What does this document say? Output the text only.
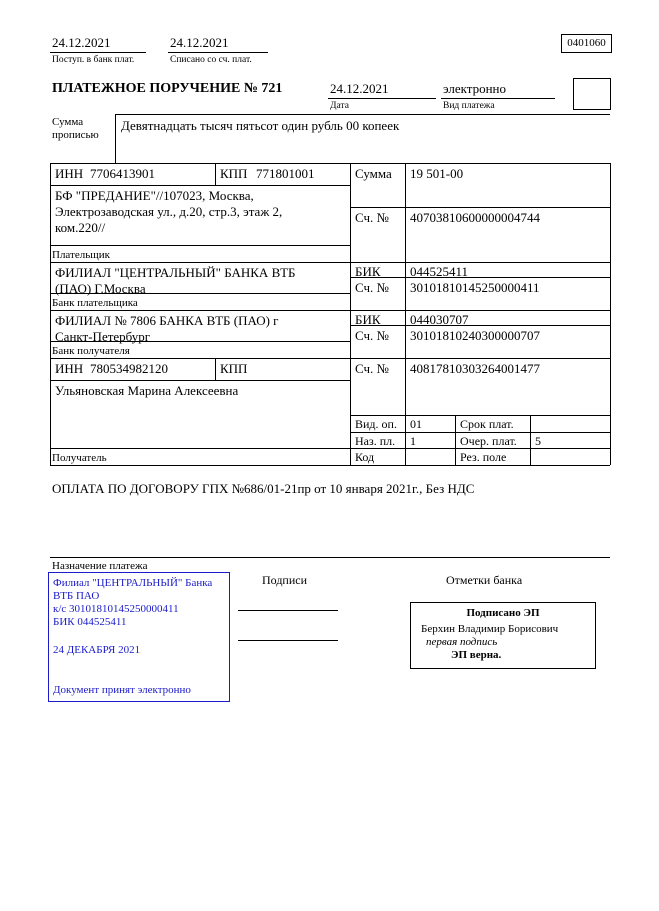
24.12.2021
Поступ. в банк плат.
24.12.2021
Списано со сч. плат.
0401060
ПЛАТЕЖНОЕ ПОРУЧЕНИЕ № 721	24.12.2021
Дата
электронно
Вид платежа
Сумма прописью
Девятнадцать тысяч пятьсот один рубль 00 копеек
ИНН 7706413901	КПП 771801001	Сумма 19 501-00
БФ "ПРЕДАНИЕ"//107023, Москва, Электрозаводская ул., д.20, стр.3, этаж 2, ком.220//
Сч. № 40703810600000004744
Плательщик
ФИЛИАЛ "ЦЕНТРАЛЬНЫЙ" БАНКА ВТБ (ПАО) Г.Москва
БИК 044525411
Сч. № 30101810145250000411
Банк плательщика
ФИЛИАЛ № 7806 БАНКА ВТБ (ПАО) г Санкт-Петербург
БИК 044030707
Сч. № 30101810240300000707
Банк получателя
ИНН 780534982120	КПП	Сч. № 40817810303264001477
Ульяновская Марина Алексеевна
Вид. оп. 01	Срок плат.
Наз. пл. 1	Очер. плат. 5
Код	Рез. поле
Получатель
ОПЛАТА ПО ДОГОВОРУ ГПХ №686/01-21пр от 10 января 2021г., Без НДС
Назначение платежа
Филиал "ЦЕНТРАЛЬНЫЙ" Банка
ВТБ ПАО
к/с 30101810145250000411
БИК 044525411
24 ДЕКАБРЯ 2021
Документ принят электронно
Подписи	Отметки банка
Подписано ЭП
Берхин Владимир Борисович
первая подпись
ЭП верна.
